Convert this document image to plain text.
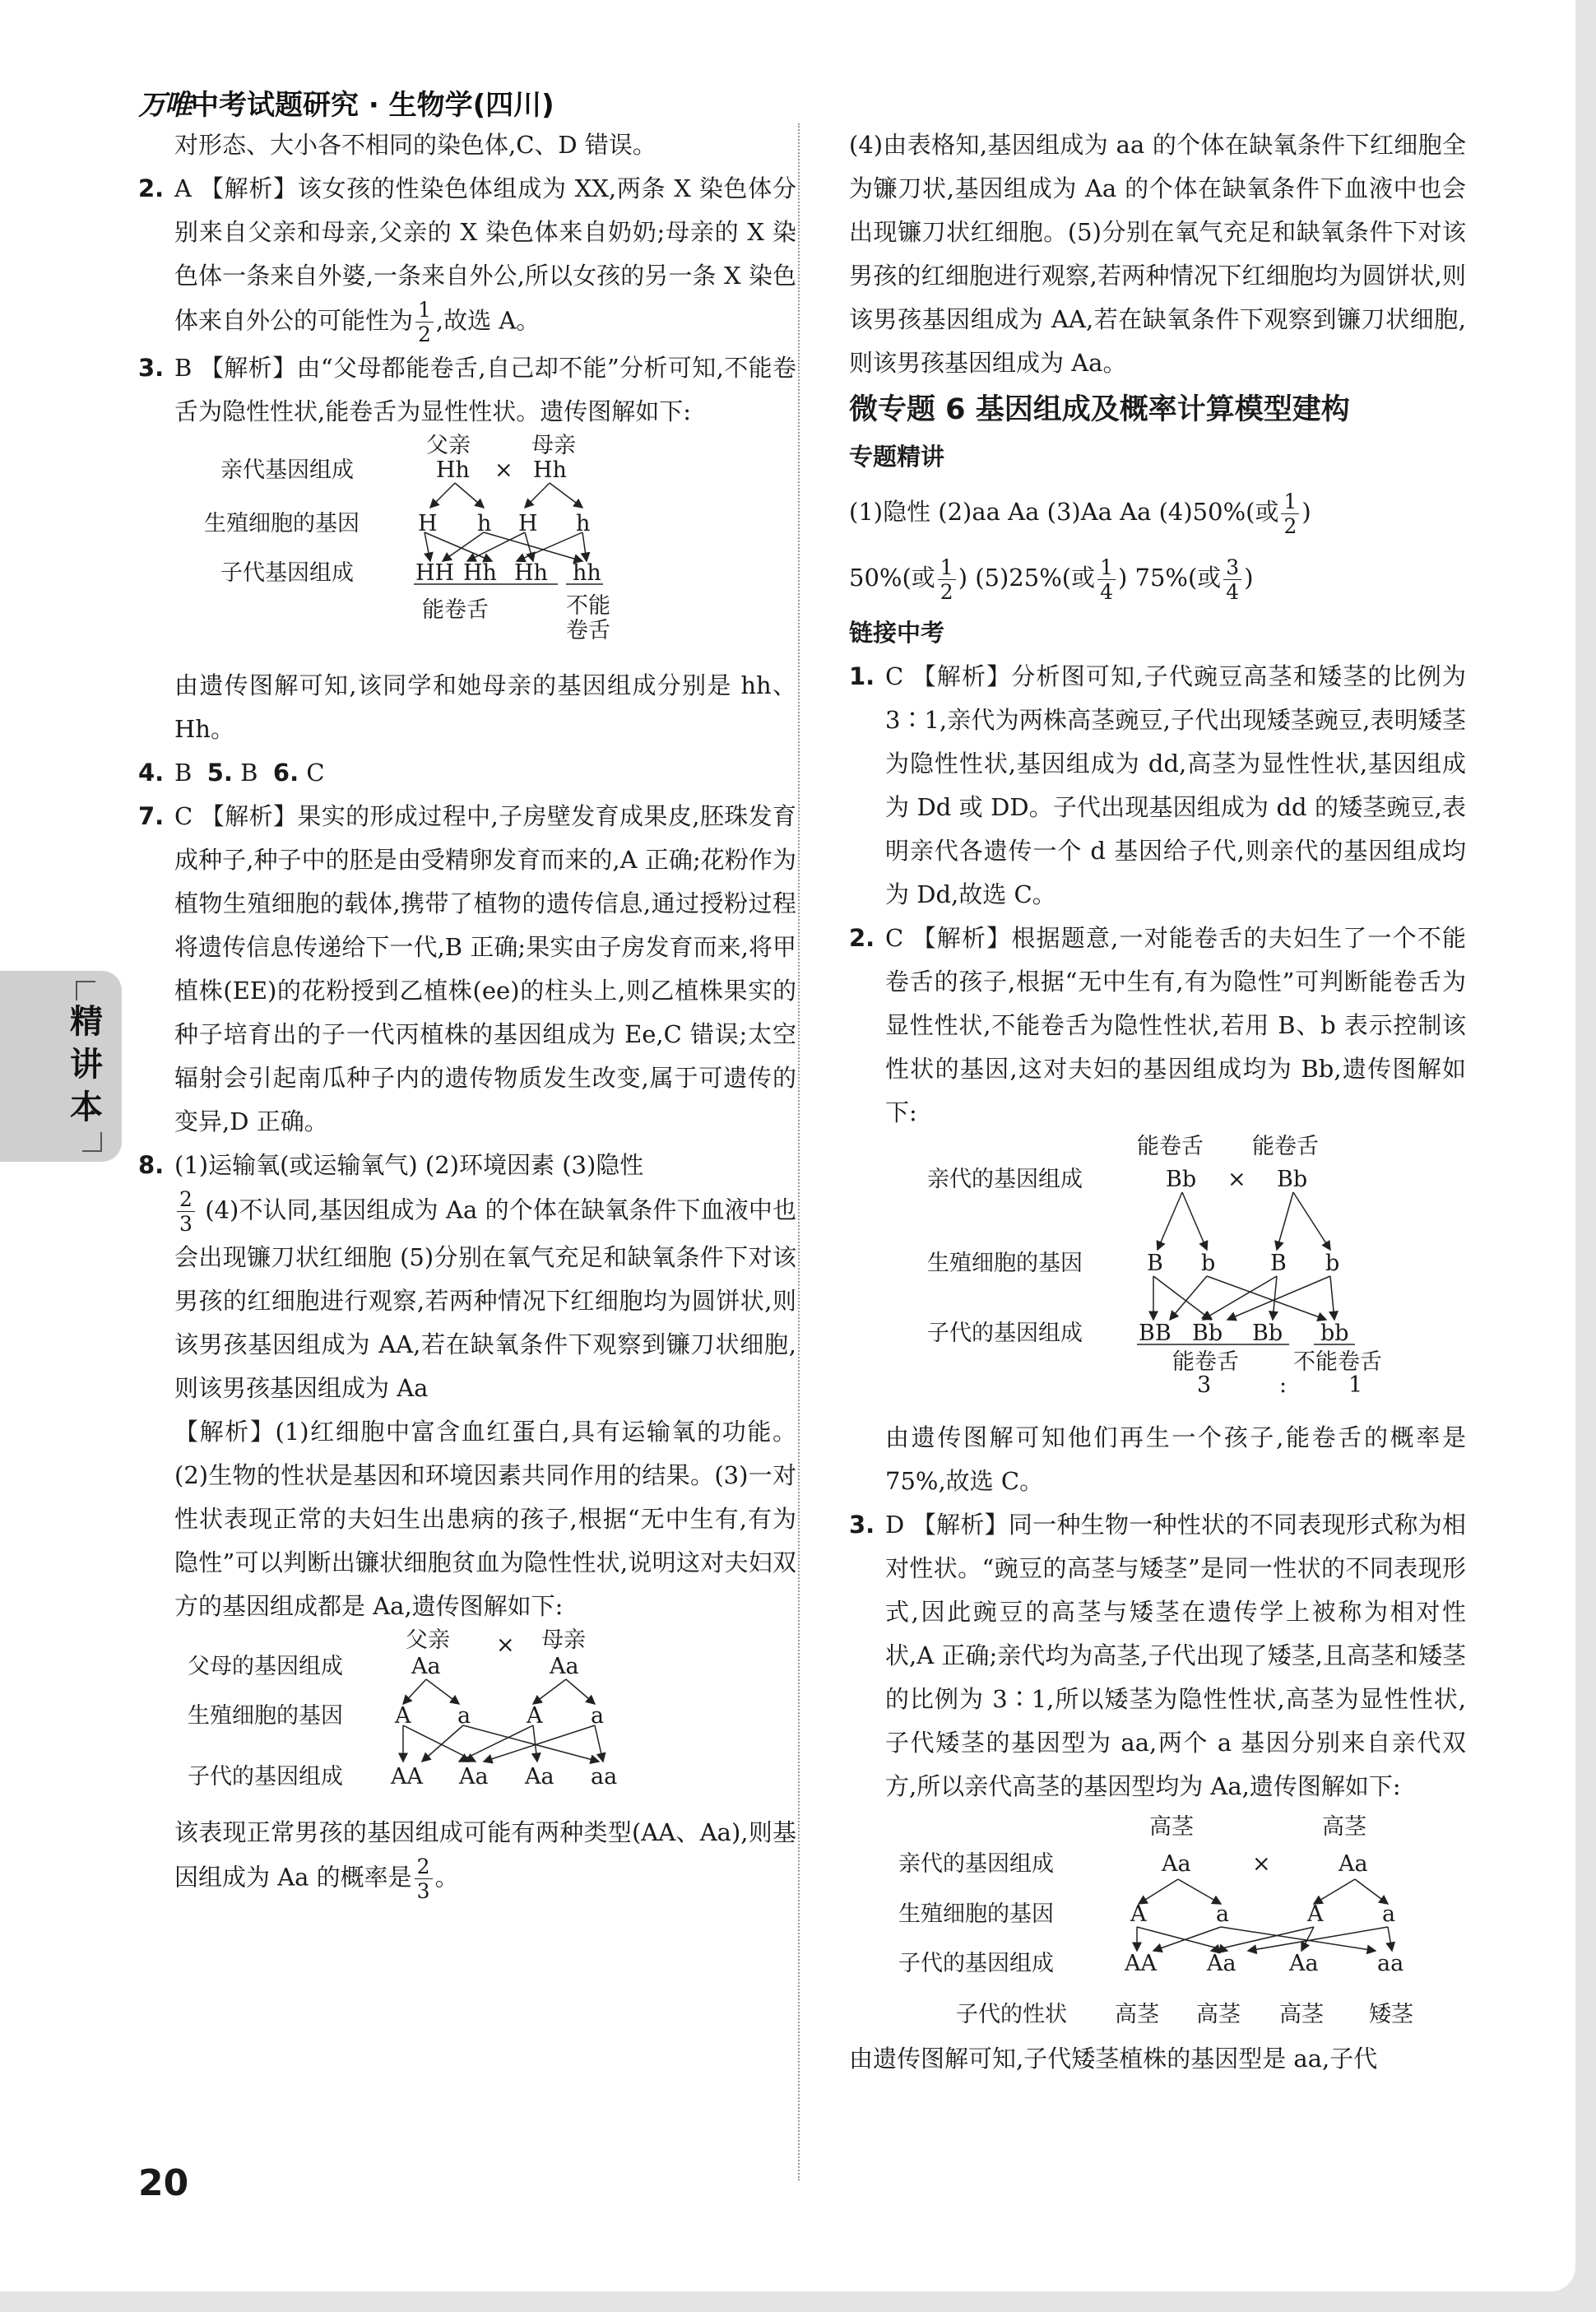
万唯中考试题研究 · 生物学(四川)
精讲本

对形态、大小各不相同的染色体,C、D 错误。

2. A 【解析】该女孩的性染色体组成为 XX,两条 X 染色体分别来自父亲和母亲,父亲的 X 染色体来自奶奶;母亲的 X 染色体一条来自外婆,一条来自外公,所以女孩的另一条 X 染色体来自外公的可能性为 $\frac{1}{2}$ ,故选 A。

3. B 【解析】由“父母都能卷舌,自己却不能”分析可知,不能卷舌为隐性性状,能卷舌为显性性状。遗传图解如下:

父亲	母亲
亲代基因组成	Hh × Hh
生殖细胞的基因	H h H h
子代基因组成	HH Hh Hh hh
能卷舌	不能
卷舌

由遗传图解可知,该同学和她母亲的基因组成分别是 hh、Hh。

4. B 5. B 6. C

7. C 【解析】果实的形成过程中,子房壁发育成果皮,胚珠发育成种子,种子中的胚是由受精卵发育而来的,A 正确;花粉作为植物生殖细胞的载体,携带了植物的遗传信息,通过授粉过程将遗传信息传递给下一代,B 正确;果实由子房发育而来,将甲植株(EE)的花粉授到乙植株(ee)的柱头上,则乙植株果实的种子培育出的子一代丙植株的基因组成为 Ee,C 错误;太空辐射会引起南瓜种子内的遗传物质发生改变,属于可遗传的变异,D 正确。

8. (1)运输氧(或运输氧气) (2)环境因素 (3)隐性

$\frac{2}{3} (4)$不认同,基因组成为 Aa 的个体在缺氧条件下血液中也会出现镰刀状红细胞 (5)分别在氧气充足和缺氧条件下对该男孩的红细胞进行观察,若两种情况下红细胞均为圆饼状,则该男孩基因组成为 AA,若在缺氧条件下观察到镰刀状细胞,则该男孩基因组成为 Aa

【解析】(1)红细胞中富含血红蛋白,具有运输氧的功能。(2)生物的性状是基因和环境因素共同作用的结果。(3)一对性状表现正常的夫妇生出患病的孩子,根据“无中生有,有为隐性”可以判断出镰状细胞贫血为隐性性状,说明这对夫妇双方的基因组成都是 Aa,遗传图解如下:

父亲 × 母亲
父母的基因组成	Aa	Aa
生殖细胞的基因 A a	A a
子代的基因组成 AA Aa Aa aa

该表现正常男孩的基因组成可能有两种类型(AA、Aa),则基因组成为 Aa 的概率是 $\frac{2}{3}$ 。

(4)由表格知,基因组成为 aa 的个体在缺氧条件下红细胞全为镰刀状,基因组成为 Aa 的个体在缺氧条件下血液中也会出现镰刀状红细胞。(5)分别在氧气充足和缺氧条件下对该男孩的红细胞进行观察,若两种情况下红细胞均为圆饼状,则该男孩基因组成为 AA,若在缺氧条件下观察到镰刀状细胞,则该男孩基因组成为 Aa。

微专题 6 基因组成及概率计算模型建构
专题精讲

(1)隐性 (2)aa Aa (3)Aa Aa (4)50%(或 $\frac{1}{2}$ )

50%(或 $\frac{1}{2}$ ) (5)25%(或 $\frac{1}{4}$ ) 75%(或 $\frac{3}{4}$ )

链接中考
1. C 【解析】分析图可知,子代豌豆高茎和矮茎的比例为 3∶1,亲代为两株高茎豌豆,子代出现矮茎豌豆,表明矮茎为隐性性状,基因组成为 dd,高茎为显性性状,基因组成为 Dd 或 DD。子代出现基因组成为 dd 的矮茎豌豆,表明亲代各遗传一个 d 基因给子代,则亲代的基因组成均为 Dd,故选 C。

2. C 【解析】根据题意,一对能卷舌的夫妇生了一个不能卷舌的孩子,根据“无中生有,有为隐性”可判断能卷舌为显性性状,不能卷舌为隐性性状,若用 B、b 表示控制该性状的基因,这对夫妇的基因组成均为 Bb,遗传图解如下:

能卷舌 能卷舌
亲代的基因组成	Bb × Bb
生殖细胞的基因	B b B b
子代的基因组成	BB Bb Bb bb
能卷舌 不能卷舌
3	:	1

由遗传图解可知他们再生一个孩子,能卷舌的概率是 75%,故选 C。

3. D 【解析】同一种生物一种性状的不同表现形式称为相对性状。“豌豆的高茎与矮茎”是同一性状的不同表现形式,因此豌豆的高茎与矮茎在遗传学上被称为相对性状,A 正确;亲代均为高茎,子代出现了矮茎,且高茎和矮茎的比例为 3∶1,所以矮茎为隐性性状,高茎为显性性状,子代矮茎的基因型为 aa,两个 a 基因分别来自亲代双方,所以亲代高茎的基因型均为 Aa,遗传图解如下:

高茎	高茎
亲代的基因组成	Aa	×	Aa
生殖细胞的基因	A	a	A	a
子代的基因组成	AA Aa Aa	aa
子代的性状 高茎 高茎 高茎 矮茎

由遗传图解可知,子代矮茎植株的基因型是 aa,子代

20
